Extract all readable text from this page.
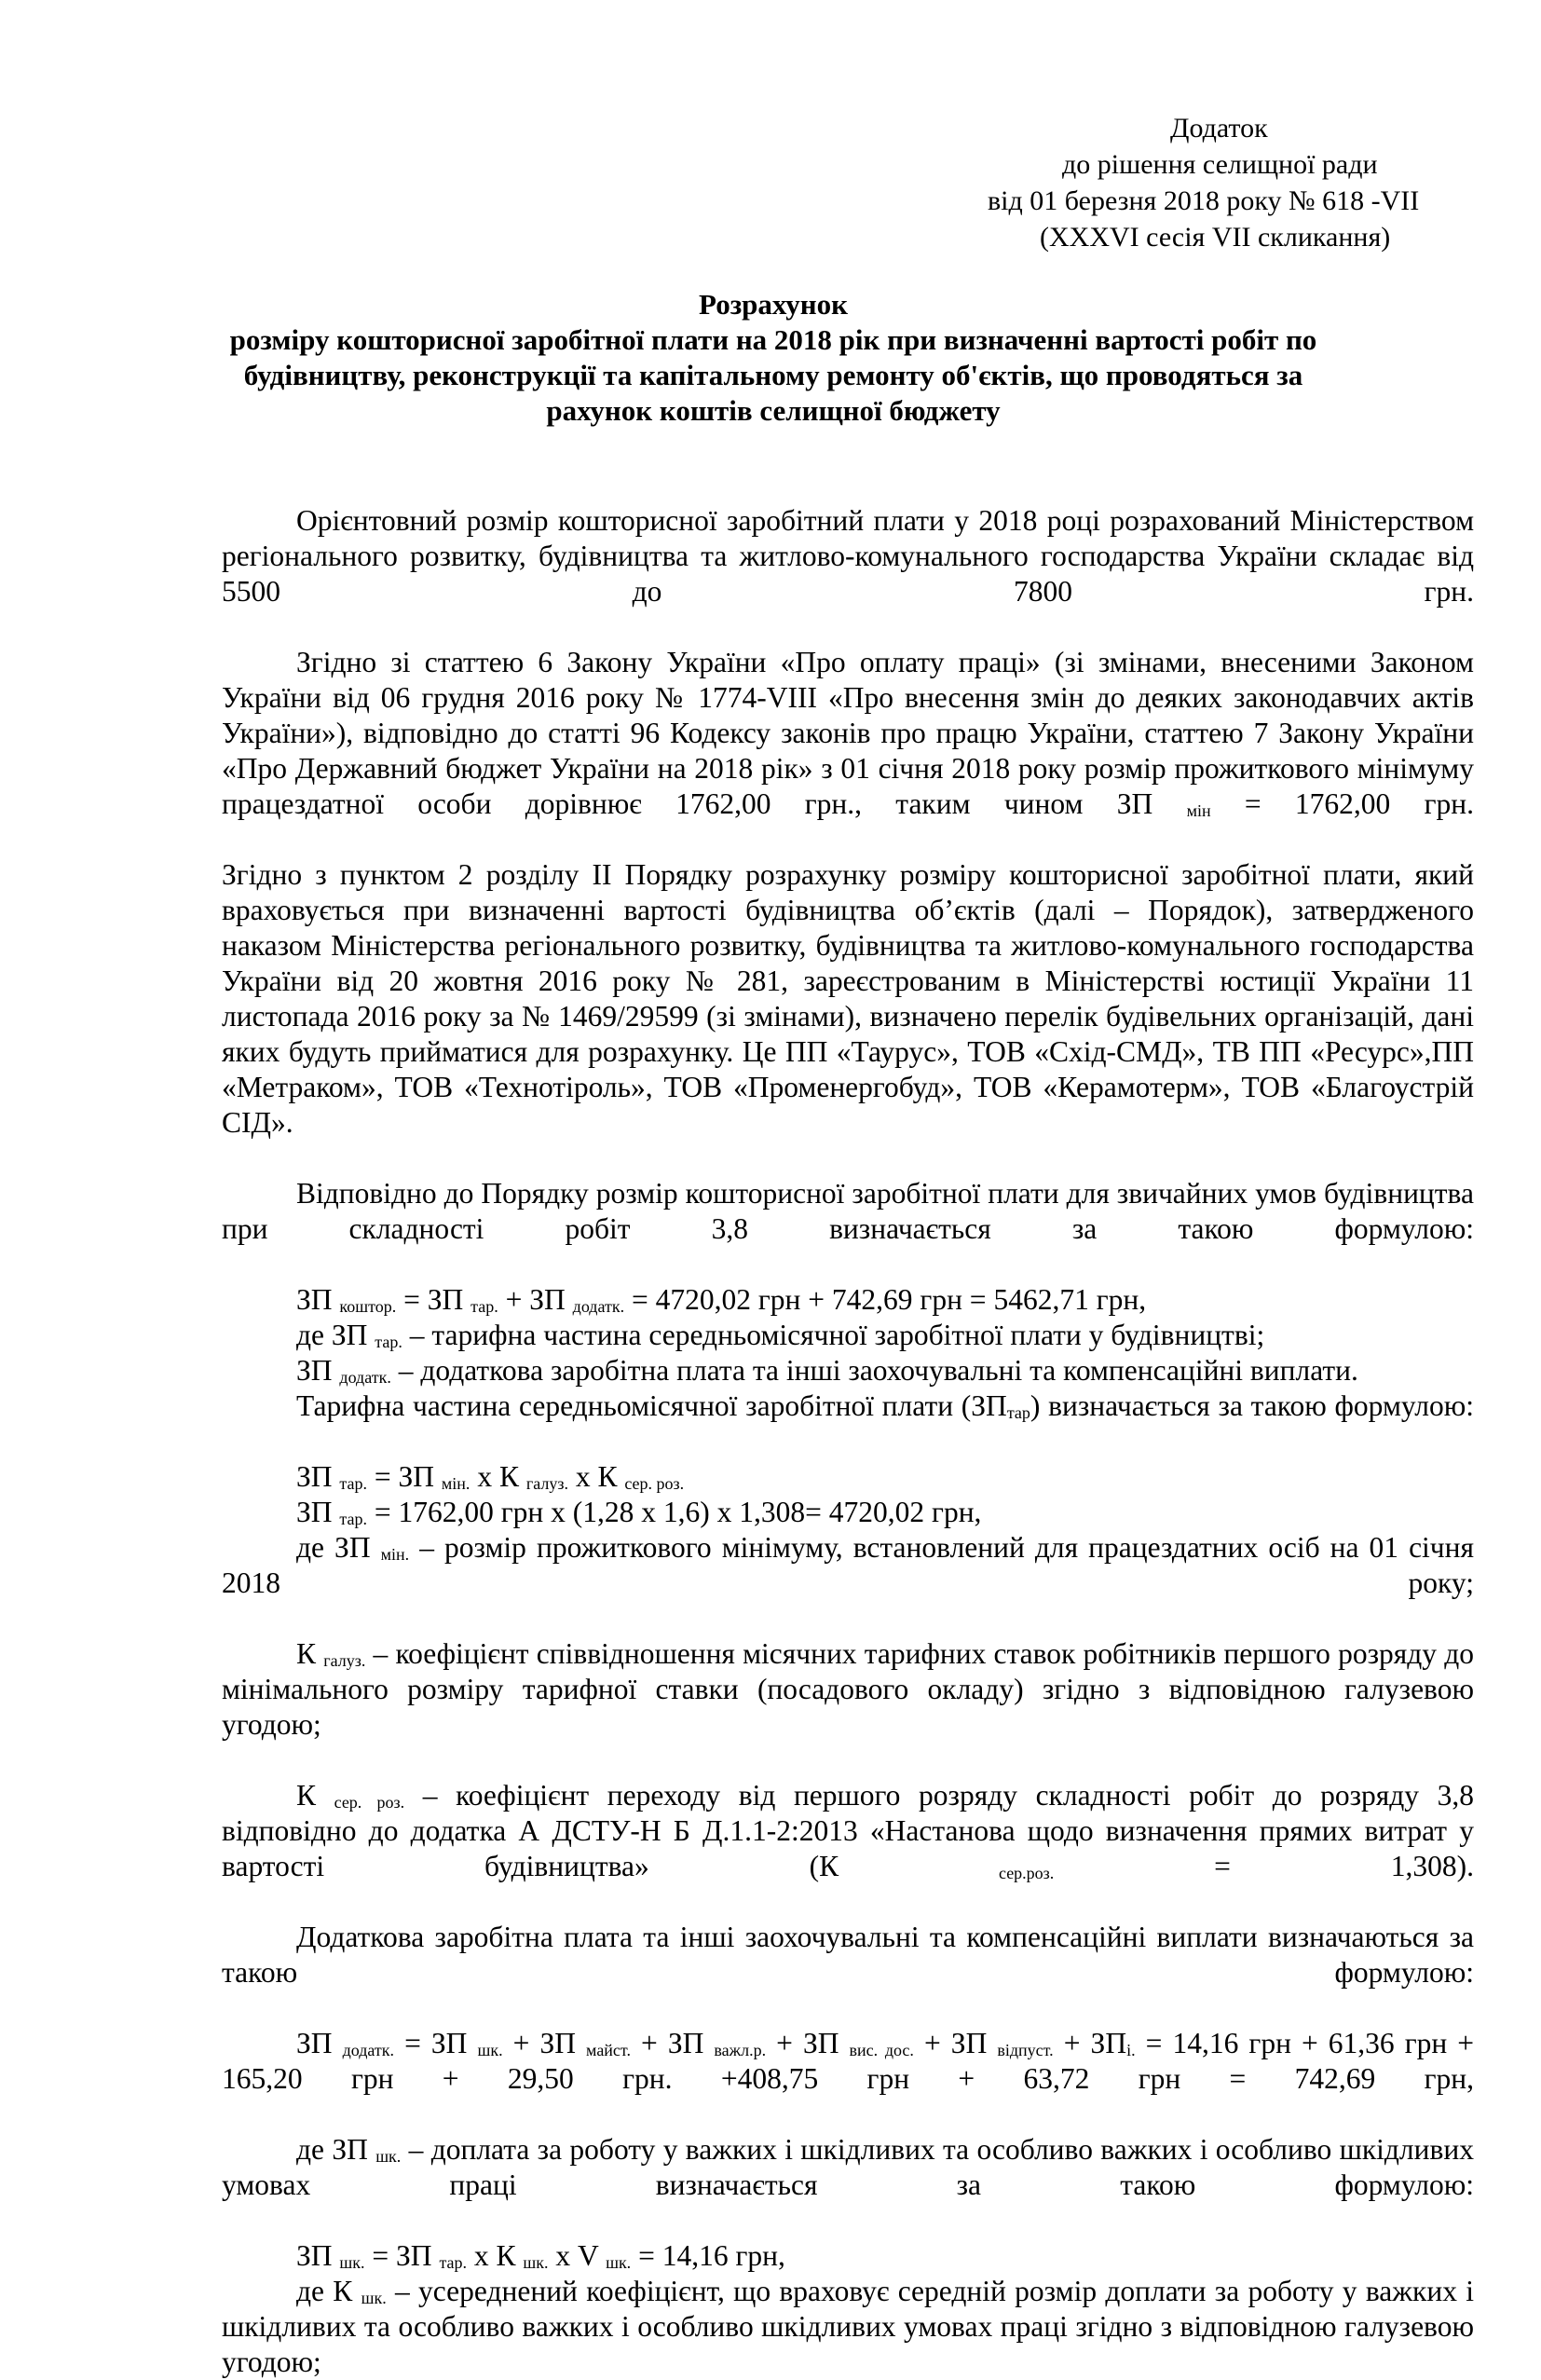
Додаток
до рішення селищної ради
від 01 березня 2018 року № 618 -VII
(XXXVI сесія VII скликання)
Розрахунок
розміру кошторисної заробітної плати на 2018 рік при визначенні вартості робіт по
будівництву, реконструкції та капітальному ремонту об'єктів, що проводяться за
рахунок коштів селищної бюджету

Орієнтовний розмір кошторисної заробітний плати у 2018 році розрахований Міністерством регіонального розвитку, будівництва та житлово-комунального господарства України складає від 5500 до 7800 грн.

Згідно зі статтею 6 Закону України «Про оплату праці» (зі змінами, внесеними Законом України від 06 грудня 2016 року № 1774-VIII «Про внесення змін до деяких законодавчих актів України»), відповідно до статті 96 Кодексу законів про працю України, статтею 7 Закону України «Про Державний бюджет України на 2018 рік» з 01 січня 2018 року розмір прожиткового мінімуму працездатної особи дорівнює 1762,00 грн., таким чином ЗП $_{мін}$ = 1762,00 грн.

Згідно з пунктом 2 розділу ІІ Порядку розрахунку розміру кошторисної заробітної плати, який враховується при визначенні вартості будівництва об’єктів (далі – Порядок), затвердженого наказом Міністерства регіонального розвитку, будівництва та житлово-комунального господарства України від 20 жовтня 2016 року № 281, зареєстрованим в Міністерстві юстиції України 11 листопада 2016 року за № 1469/29599 (зі змінами), визначено перелік будівельних організацій, дані яких будуть прийматися для розрахунку. Це ПП «Таурус», ТОВ «Схід-СМД», ТВ ПП «Ресурс»,ПП «Метраком», ТОВ «Технотіроль», ТОВ «Променергобуд», ТОВ «Керамотерм», ТОВ «Благоустрій СІД».

Відповідно до Порядку розмір кошторисної заробітної плати для звичайних умов будівництва при складності робіт 3,8 визначається за такою формулою:

ЗП $_{коштор.}$ = ЗП $_{тар.}$ + ЗП $_{додатк.}$ = 4720,02 грн + 742,69 грн = 5462,71 грн,
де ЗП $_{тар.}$ – тарифна частина середньомісячної заробітної плати у будівництві;
ЗП $_{додатк.}$ – додаткова заробітна плата та інші заохочувальні та компенсаційні виплати.

Тарифна частина середньомісячної заробітної плати $(ЗП_{тар})$ визначається за такою формулою:

ЗП $_{тар.}$ = ЗП $_{мін.}$ х К $_{галуз.}$ х К $_{сер. роз.}$
ЗП $_{тар.}$ = 1762,00 грн х (1,28 х 1,6) х 1,308= 4720,02 грн,

де ЗП $_{мін.}$ – розмір прожиткового мінімуму, встановлений для працездатних осіб на 01 січня 2018 року;

К $_{галуз.}$ – коефіцієнт співвідношення місячних тарифних ставок робітників першого розряду до мінімального розміру тарифної ставки (посадового окладу) згідно з відповідною галузевою угодою;

К $_{сер. роз.}$ – коефіцієнт переходу від першого розряду складності робіт до розряду 3,8 відповідно до додатка А ДСТУ-Н Б Д.1.1-2:2013 «Настанова щодо визначення прямих витрат у вартості будівництва» (К $_{сер.роз.}$ = 1,308).

Додаткова заробітна плата та інші заохочувальні та компенсаційні виплати визначаються за такою формулою:

ЗП $_{додатк.}$ = ЗП $_{шк.}$ + ЗП $_{майст.}$ + ЗП $_{важл.р.}$ + ЗП $_{вис. дос.}$ + ЗП $_{відпуст.} + ЗП_{і.} = 14,16$ грн + 61,36 грн + 165,20 грн + 29,50 грн. +408,75 грн + 63,72 грн = 742,69 грн,

де ЗП $_{шк.}$ – доплата за роботу у важких і шкідливих та особливо важких і особливо шкідливих умовах праці визначається за такою формулою:

ЗП $_{шк.}$ = ЗП $_{тар.}$ х К $_{шк.}$ х V $_{шк.}$ = 14,16 грн,

де К $_{шк.}$ – усереднений коефіцієнт, що враховує середній розмір доплати за роботу у важких і шкідливих та особливо важких і особливо шкідливих умовах праці згідно з відповідною галузевою угодою;
